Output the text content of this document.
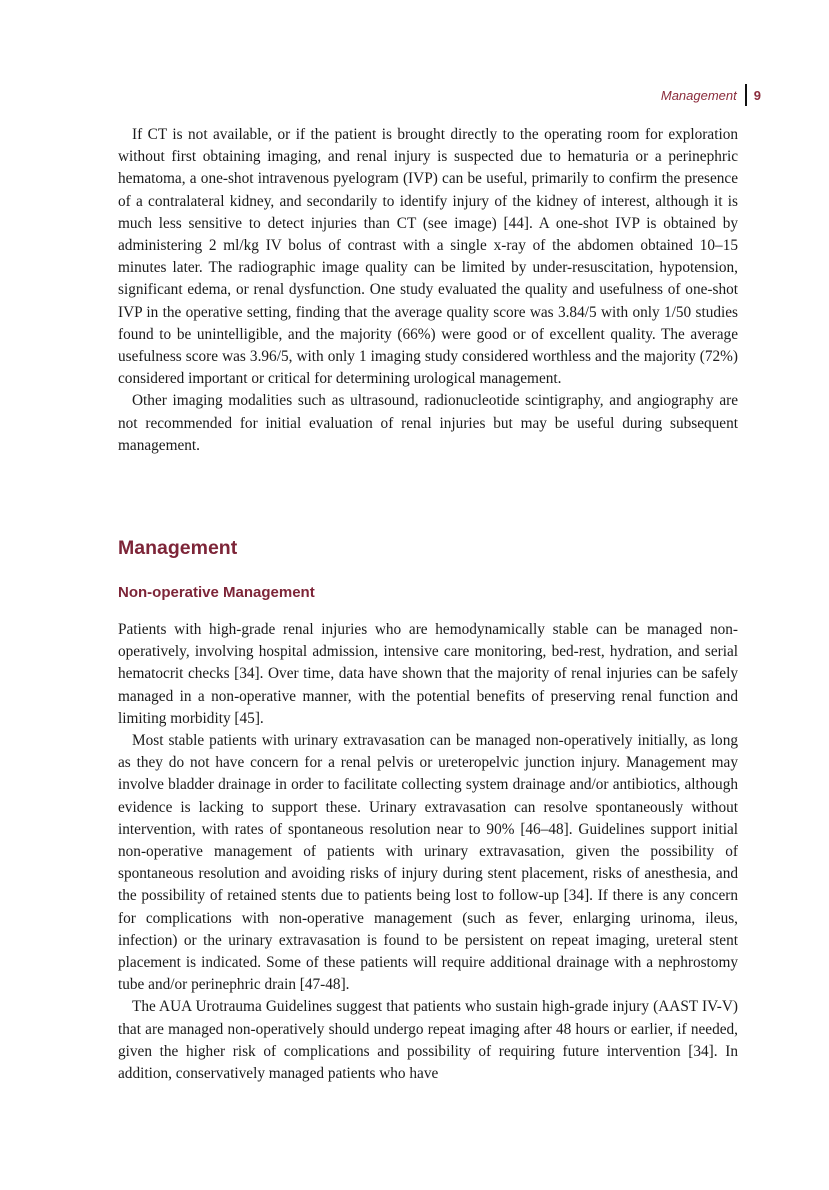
Management	9

If CT is not available, or if the patient is brought directly to the operating room for exploration without first obtaining imaging, and renal injury is suspected due to hematuria or a perinephric hematoma, a one-shot intravenous pyelogram (IVP) can be useful, primarily to confirm the presence of a contralateral kidney, and secondarily to identify injury of the kidney of interest, although it is much less sensitive to detect injuries than CT (see image) [44]. A one-shot IVP is obtained by administering 2 ml/kg IV bolus of contrast with a single x-ray of the abdomen obtained 10–15 minutes later. The radiographic image quality can be limited by under-resuscitation, hypotension, significant edema, or renal dysfunction. One study evaluated the quality and usefulness of one-shot IVP in the operative setting, finding that the average quality score was 3.84/5 with only 1/50 studies found to be unintelligible, and the majority (66%) were good or of excellent quality. The average usefulness score was 3.96/5, with only 1 imaging study considered worthless and the majority (72%) considered important or critical for determining urological management.

Other imaging modalities such as ultrasound, radionucleotide scintigraphy, and angiography are not recommended for initial evaluation of renal injuries but may be useful during subsequent management.

Management
Non-operative Management

Patients with high-grade renal injuries who are hemodynamically stable can be managed non-operatively, involving hospital admission, intensive care monitoring, bed-rest, hydration, and serial hematocrit checks [34]. Over time, data have shown that the majority of renal injuries can be safely managed in a non-operative manner, with the potential benefits of preserving renal function and limiting morbidity [45].

Most stable patients with urinary extravasation can be managed non-operatively initially, as long as they do not have concern for a renal pelvis or ureteropelvic junction injury. Management may involve bladder drainage in order to facilitate collecting system drainage and/or antibiotics, although evidence is lacking to support these. Urinary extravasation can resolve spontaneously without intervention, with rates of spontaneous resolution near to 90% [46–48]. Guidelines support initial non-operative management of patients with urinary extravasation, given the possibility of spontaneous resolution and avoiding risks of injury during stent placement, risks of anesthesia, and the possibility of retained stents due to patients being lost to follow-up [34]. If there is any concern for complications with non-operative management (such as fever, enlarging urinoma, ileus, infection) or the urinary extravasation is found to be persistent on repeat imaging, ureteral stent placement is indicated. Some of these patients will require additional drainage with a nephrostomy tube and/or perinephric drain [47-48].

The AUA Urotrauma Guidelines suggest that patients who sustain high-grade injury (AAST IV-V) that are managed non-operatively should undergo repeat imaging after 48 hours or earlier, if needed, given the higher risk of complications and possibility of requiring future intervention [34]. In addition, conservatively managed patients who have
